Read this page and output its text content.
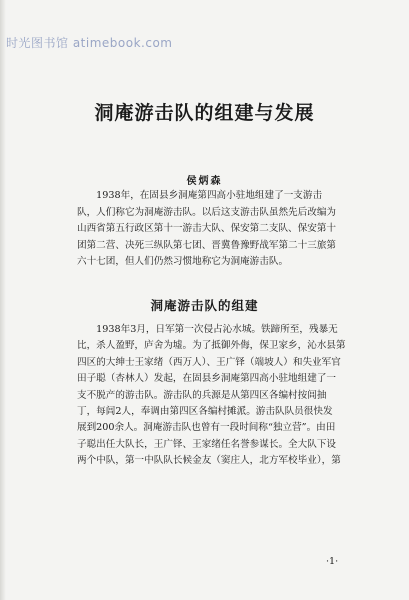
时光图书馆 atimebook.com
洞庵游击队的组建与发展
侯炳森
　　1938年，在固县乡洞庵第四高小驻地组建了一支游击
队，人们称它为洞庵游击队。以后这支游击队虽然先后改编为
山西省第五行政区第十一游击大队、保安第二支队、保安第十
团第二营、决死三纵队第七团、晋冀鲁豫野战军第二十三旅第
六十七团，但人们仍然习惯地称它为洞庵游击队。
洞庵游击队的组建
　　1938年3月，日军第一次侵占沁水城。铁蹄所至，残暴无
比，杀人盈野，庐舍为墟。为了抵御外侮，保卫家乡，沁水县第
四区的大绅士王家绪（西万人）、王广铎（端坡人）和失业军官
田子聪（杏林人）发起，在固县乡洞庵第四高小驻地组建了一
支不脱产的游击队。游击队的兵源是从第四区各编村按闾抽
丁，每闾2人，奉调由第四区各编村摊派。游击队队员很快发
展到200余人。洞庵游击队也曾有一段时间称“独立营”。由田
子聪出任大队长，王广铎、王家绪任名誉参谋长。全大队下设
两个中队，第一中队队长候金友（窦庄人，北方军校毕业），第
·1·
